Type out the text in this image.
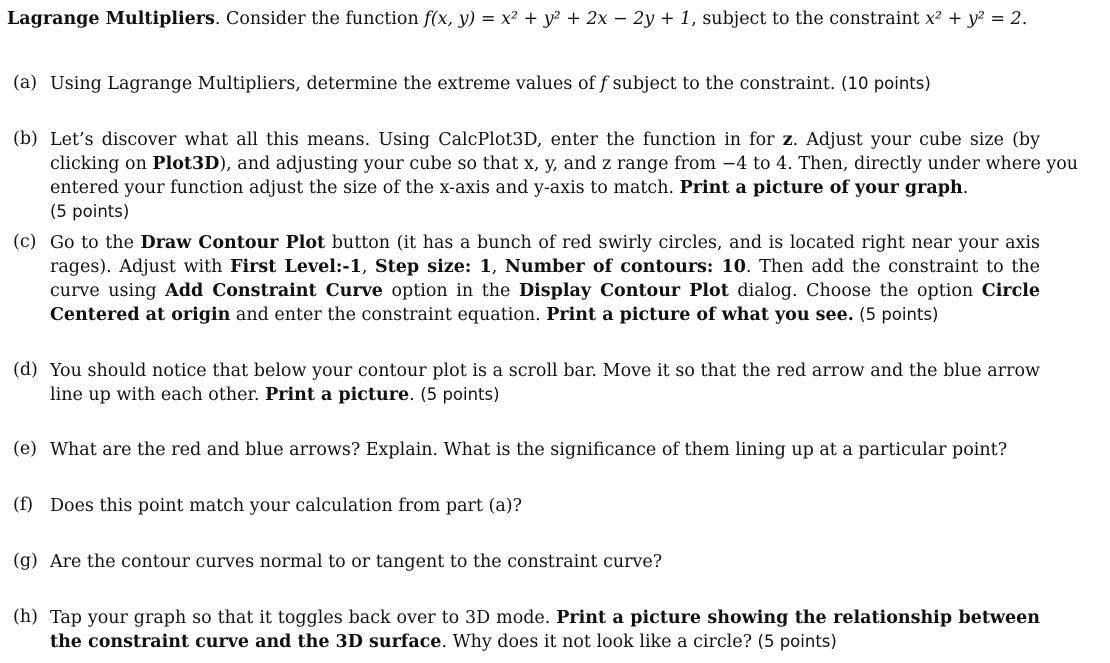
Lagrange Multipliers. Consider the function f(x, y) = x² + y² + 2x − 2y + 1, subject to the constraint x² + y² = 2.
(a) Using Lagrange Multipliers, determine the extreme values of f subject to the constraint. (10 points)
(b) Let’s discover what all this means. Using CalcPlot3D, enter the function in for z. Adjust your cube size (by
clicking on Plot3D), and adjusting your cube so that x, y, and z range from −4 to 4. Then, directly under where you
entered your function adjust the size of the x-axis and y-axis to match. Print a picture of your graph.
(5 points)
(c) Go to the Draw Contour Plot button (it has a bunch of red swirly circles, and is located right near your axis
rages). Adjust with First Level:-1, Step size: 1, Number of contours: 10. Then add the constraint to the
curve using Add Constraint Curve option in the Display Contour Plot dialog. Choose the option Circle
Centered at origin and enter the constraint equation. Print a picture of what you see. (5 points)
(d) You should notice that below your contour plot is a scroll bar. Move it so that the red arrow and the blue arrow
line up with each other. Print a picture. (5 points)
(e) What are the red and blue arrows? Explain. What is the significance of them lining up at a particular point?
(f) Does this point match your calculation from part (a)?
(g) Are the contour curves normal to or tangent to the constraint curve?
(h) Tap your graph so that it toggles back over to 3D mode. Print a picture showing the relationship between
the constraint curve and the 3D surface. Why does it not look like a circle? (5 points)
